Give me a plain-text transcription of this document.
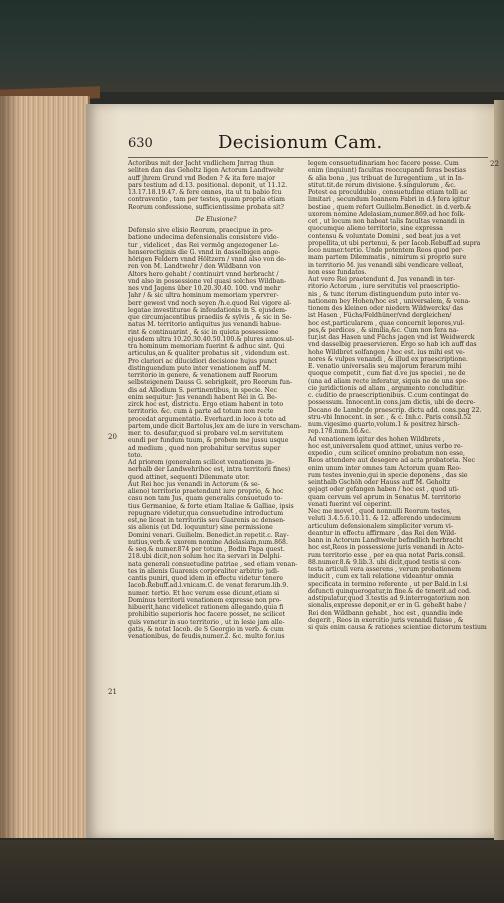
630	Decisionum Cam.
Actoribus mit der Jacht vndlichem Jnrrag thun
seliten dan das Geholtz ligen Actorum Landtwehr
auff jhrem Grund vnd Boden ? & ita fere major
pars testium ad d.13. positional. deponit, ut 11.12.
13.17.18.19.47. & fere omnes, ita ut tu babio fcu
contraventio , tam per testes, quam propria etiam
Reorum confessione, sufficientissime probata sit?
De Elusione?
Defensio sive elisio Reorum, praecipue in pro-
batione undecima defensionalis consistere vide-
tur , videlicet , das Rei vermög angezogener Le-
henserectiginis die G. vnnd in dasselbigen ange-
hörigen Feldern vnnd Höltzern / vnnd also von de-
ren von M. Landtwehr / den Wildbann von
Altors hero gehabt / continuirt vnnd herbracht /
vnd also in possessione vel quasi solches Wildban-
nes vnd Jagens über 10.20.30.40. 100. vnd mehr
Jahr / & sic ultra hominum memoriam ypervrer-
berr gewest vnd noch seyen /h.e.quod Rei vigore al-
legatae investiturae & infeudationis in S. ejusdem-
que circumjacentibus praediis & sylvis , & sic in Se-
natus M. territorio antiquitus jus venandi habue-
rint & continuarint , & sic in quieta possessione
ejusdem ultra 10.20.30.40.50.100.& plures annos.ul-
tra hominum memoriam fuerint & adhuc sint. Qui
articulus,an & qualiter probatus sit , videndum est.
Pro clariori ac dilucidiori decisione hujus punct
distinguendum puto inter venationem auff M.
territorio in genere, & venationem auff Reorum
selbsteigenem Dauss G. sebrigkeit, pro Reorum fun-
dis ad Allodium S. pertinentibus, in specie. Nec
enim sequitur: Jus venandi habent Rei in G. Be-
zirck hoc est, districtu. Ergo etiam habent in toto
territorio. &c. cum à parte ad totum non recte
procedat argumentatio. Everhard.in loco à toto ad
partem,unde dicit Bartolus,lex am de iure in verscham-
mer. to. desufar,quod si probare vel.m servitutem
eundi per fundum tuum, & probem me jussu usque
ad medium , quod non probabitur servitus super
toto.
Ad priorem (generalem scilicet venationem jn-
nerhalb der Landwehrihoc est, intra territorii fines)
quod attinet, sequenti Dilemmate utor.
Aut Rei hoc jus venandi in Actorum (& se-
alieno) territorio praetendunt iure proprio, & hoc
casu non tam Jus, quam generalis consuetudo to-
tius Germaniae, & forte etiam Italiae & Galliae, ipsis
repugnare videtur,qua consuetudine introductum
est,ne liceat in territoriis seu Guarenis ac densen-
sis alienis (ut Dd. loquuntur) sine permissione
Domini venari. Guilielm. Benedict.in repetit.c. Ray-
nutius,verb.& uxorem nomine Adelasiam,num.868.
& seq.& numer.874 per totum , Bodin Papa quest.
218.ubi dicit,non solum hoc ita servari in Delphi-
nata generali consuetudine patriae , sed etiam venan-
tes in alienis Guarenis corporaliter arbitrio judi-
cantis puniri, quod idem in effectu videtur tenere
Iacob.Rebuff.ad.l.vnicam.C. de venat ferarum.lib.9.
numer. tertio. Et hoc verum esse dicunt,etiam si
Dominus territorii venationem expresse non pro-
hibuerit,hanc videlicet rationem allegando,quia fi
prohibitio superioris hoc facere posset, ne scilicet
quis venetur in suo territorio , ut in lesie jam alle-
gatis, & notat Iacob. de S Georgio in verb. & cum
venationibus, de feudis,numer.2. &c. multo for.ius
legem consuetudinariam hoc facere posse. Cum
enim (inquiunt) facultas reoccupandi feras bestias
& alia bona , jus tribuat de Iuregentium , ut in In-
stitut.tit.de rerum divisione. §.singulorum , &c.
Potest ea proculdubio , consuetudine etiam tolli ac
limitari , secundum Ioannem Fabri in d.§ fera igitur
bestiae , quem refert Guilielm.Benedict. in d.verb.&
uxorem nomine Adelasiam,numer.869.ad hoc folk-
cet , ut locum non habeat talis facultas venandi in
quocumque alieno territorio, sine expressa
contensu & voluntate Domini , sed beat jus a vet
propellita,ut ubi pertenui, & per Iacob.Rebuff.ad supra
loco numer.tertio. Unde potentem Reos quod per-
mam partem Dilemmatis , nimirum si proprio sure
in territorio M. jus venandi sibi vendicare velleat,
non esse fundatos.
Aut vero Rei praetendunt d. Jus venandi in ter-
ritorio Actorum , iure servitutis vel praescriptio-
nis , & tunc iterum distinguendum puto inter ve-
nationem bey Hohen/hoc est , universalem, & vena-
tionem des kleinen oder niedern Wildwercks/ das
ist Hasen , Füchs/Feldhüner/vnd dergleichen/
hoc est,particularem , quae concernit lepores,vul-
pes,& perdices , & similia,&c. Cum non fera na-
tur,ist das Hasen und Füchs jagen vnd ist Weidwerck
vnd dasselbig praeservieren. Ergo so hab ich auff das
hohe Wildbret solfangen / hoc est. ius mihi est ve-
nores & vulpes venandi , & illud ex praescriptione.
E. venatio universalis seu majorum ferarum mihi
quoque competit , cum fiat d.ve jus speciei , ne de
(una ad aliam recte inferatur, siquis ne de una spe-
cie juridictionis ad aliam , argumento concluditur.
c. cuditio de praescriptionibus. C.cum contingat de
possessum. Innocent.in cons.jam dictis, ubi de decre-
Decano de Lambr,de praescrip. dictu add. cons.pag 22.
stru-vbi Innocent. in ser. , & c. Inh.c. Paris consil.52
num.vigesimo quarto,volum.1 & positrez hirsch-
rep.178.num.16.&c.
Ad venationem igitur des hohen Wildbrets ,
hoc est,universalem quod attinet, unius verbo re-
expedio , cum scilicet omnino probatum non esse,
Reos attendere aut desegere ad acta probatoria. Nec
enim unum inter omnes tam Actorum quam Reo-
rum testes invenio,qui in specie deponens , das sie
seinthalb Gschöh oder Hauss auff M. Geholtz
gejagt oder gefangen haben / hoc est , quod uti-
quam cervum vel aprum in Senatus M. territorio
venati fuerint vel ceperint.
Nec me movet , quod nonnulli Reorum testes,
veluti 3.4.5.6.10.11. & 12. afferendo undecimum
articulum defensionalem simpliciter verum vi-
deantur in effectu affirmare , das Rei den Wild-
bann in Actorum Landtwehr befindlich herbracht
hoc est,Reos in possessione juris venandi in Acto-
rum territorio esse , per ea qua notat Paris.consil.
88.numer.8.& 9.lib.3. ubi dicit,quod testis si con-
testa articuli vera asserens , verum probationem
inducit , cum ex tali relatione videantur omnia
specificata in termino referente , ut per Bald.in l.si
defuncti quinquerogatur,in fine.& de tenerit.ad cod.
adstipulatur,quod 3.testis ad 9.interrogatorium non
sionalis,expresse deponit,er er in G. geheßt habe /
Rei den Wildbann gehabt , hoc est , quandiu inde
degerit , Reos in exercitio juris venandi fuisse , &
si quis enim causa & rationes scientiae dictorum testium
20
21
22
